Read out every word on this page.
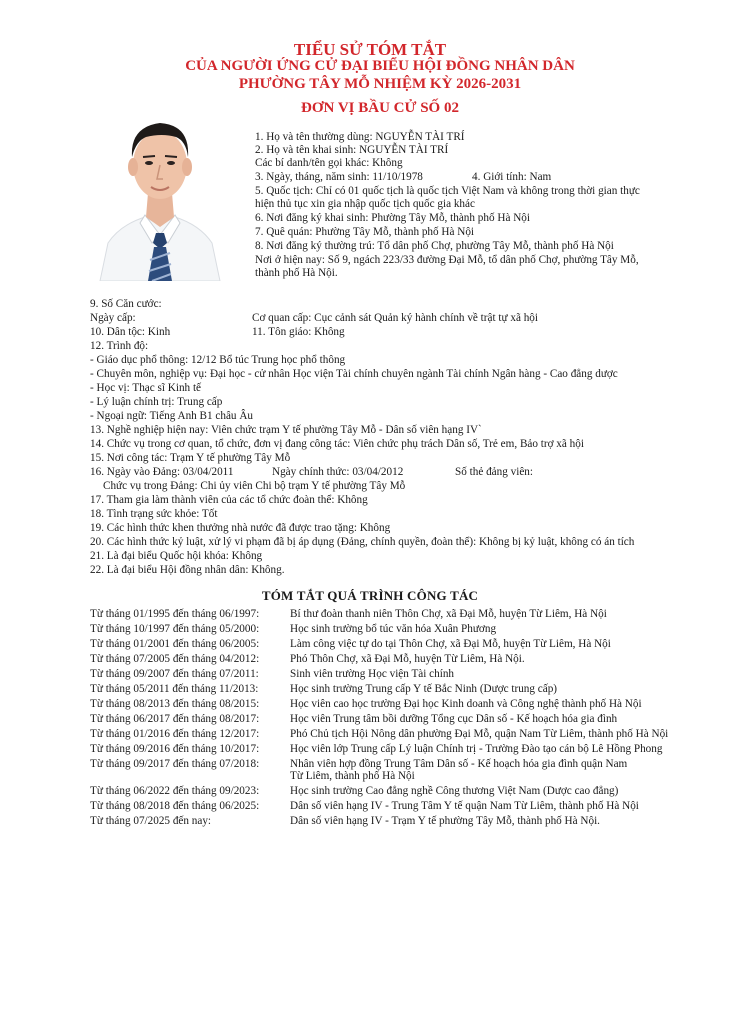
TIỂU SỬ TÓM TẮT
CỦA NGƯỜI ỨNG CỬ ĐẠI BIỂU HỘI ĐỒNG NHÂN DÂN
PHƯỜNG TÂY MỖ NHIỆM KỲ 2026-2031
ĐƠN VỊ BẦU CỬ SỐ 02
1. Họ và tên thường dùng: NGUYỄN TÀI TRÍ
2. Họ và tên khai sinh: NGUYỄN TÀI TRÍ
Các bí danh/tên gọi khác: Không
3. Ngày, tháng, năm sinh: 11/10/1978	4. Giới tính: Nam
5. Quốc tịch: Chỉ có 01 quốc tịch là quốc tịch Việt Nam và không trong thời gian thực
hiện thủ tục xin gia nhập quốc tịch quốc gia khác
6. Nơi đăng ký khai sinh: Phường Tây Mỗ, thành phố Hà Nội
7. Quê quán: Phường Tây Mỗ, thành phố Hà Nội
8. Nơi đăng ký thường trú: Tổ dân phố Chợ, phường Tây Mỗ, thành phố Hà Nội
Nơi ở hiện nay: Số 9, ngách 223/33 đường Đại Mỗ, tổ dân phố Chợ, phường Tây Mỗ,
thành phố Hà Nội.
9. Số Căn cước:
Ngày cấp:	Cơ quan cấp: Cục cảnh sát Quản ký hành chính về trật tự xã hội
10. Dân tộc: Kinh	11. Tôn giáo: Không
12. Trình độ:
- Giáo dục phổ thông: 12/12 Bổ túc Trung học phổ thông
- Chuyên môn, nghiệp vụ: Đại học - cử nhân Học viện Tài chính chuyên ngành Tài chính Ngân hàng - Cao đẳng dược
- Học vị: Thạc sĩ Kinh tế
- Lý luận chính trị: Trung cấp
- Ngoại ngữ: Tiếng Anh B1 châu Âu
13. Nghề nghiệp hiện nay: Viên chức trạm Y tế phường Tây Mỗ - Dân số viên hạng IV`
14. Chức vụ trong cơ quan, tổ chức, đơn vị đang công tác: Viên chức phụ trách Dân số, Trẻ em, Bảo trợ xã hội
15. Nơi công tác: Trạm Y tế phường Tây Mỗ
16. Ngày vào Đảng: 03/04/2011	Ngày chính thức: 03/04/2012	Số thẻ đảng viên:
Chức vụ trong Đảng: Chi ủy viên Chi bộ trạm Y tế phường Tây Mỗ
17. Tham gia làm thành viên của các tổ chức đoàn thể: Không
18. Tình trạng sức khỏe: Tốt
19. Các hình thức khen thưởng nhà nước đã được trao tặng: Không
20. Các hình thức kỷ luật, xử lý vi phạm đã bị áp dụng (Đảng, chính quyền, đoàn thể): Không bị kỷ luật, không có án tích
21. Là đại biểu Quốc hội khóa: Không
22. Là đại biểu Hội đồng nhân dân: Không.
TÓM TẮT QUÁ TRÌNH CÔNG TÁC
Từ tháng 01/1995 đến tháng 06/1997:	Bí thư đoàn thanh niên Thôn Chợ, xã Đại Mỗ, huyện Từ Liêm, Hà Nội
Từ tháng 10/1997 đến tháng 05/2000:	Học sinh trường bổ túc văn hóa Xuân Phương
Từ tháng 01/2001 đến tháng 06/2005:	Làm công việc tự do tại Thôn Chợ, xã Đại Mỗ, huyện Từ Liêm, Hà Nội
Từ tháng 07/2005 đến tháng 04/2012:	Phó Thôn Chợ, xã Đại Mỗ, huyện Từ Liêm, Hà Nội.
Từ tháng 09/2007 đến tháng 07/2011:	Sinh viên trường Học viện Tài chính
Từ tháng 05/2011 đến tháng 11/2013:	Học sinh trường Trung cấp Y tế Bắc Ninh (Dược trung cấp)
Từ tháng 08/2013 đến tháng 08/2015:	Học viên cao học trường Đại học Kinh doanh và Công nghệ thành phố Hà Nội
Từ tháng 06/2017 đến tháng 08/2017:	Học viên Trung tâm bồi dưỡng Tổng cục Dân số - Kế hoạch hóa gia đình
Từ tháng 01/2016 đến tháng 12/2017:	Phó Chủ tịch Hội Nông dân phường Đại Mỗ, quận Nam Từ Liêm, thành phố Hà Nội
Từ tháng 09/2016 đến tháng 10/2017:	Học viên lớp Trung cấp Lý luận Chính trị - Trường Đào tạo cán bộ Lê Hồng Phong
Từ tháng 09/2017 đến tháng 07/2018:	Nhân viên hợp đồng Trung Tâm Dân số - Kế hoạch hóa gia đình quận Nam
Từ Liêm, thành phố Hà Nội
Từ tháng 06/2022 đến tháng 09/2023:	Học sinh trường Cao đẳng nghề Công thương Việt Nam (Dược cao đẳng)
Từ tháng 08/2018 đến tháng 06/2025:	Dân số viên hạng IV - Trung Tâm Y tế quận Nam Từ Liêm, thành phố Hà Nội
Từ tháng 07/2025 đến nay:	Dân số viên hạng IV - Trạm Y tế phường Tây Mỗ, thành phố Hà Nội.
